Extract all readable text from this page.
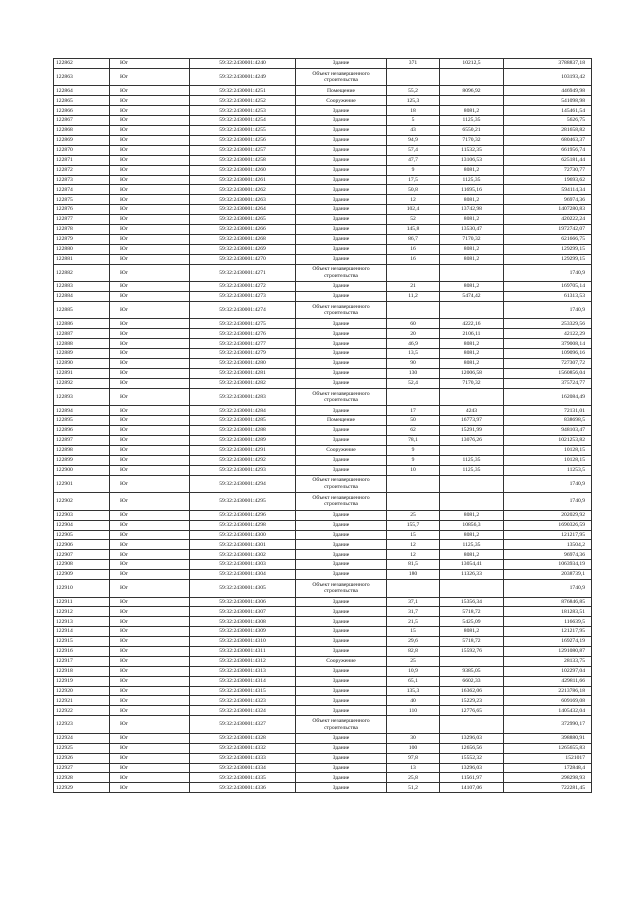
122862	Юг	59:32:2430001:4240	Здание	371	10212,5	3788837,18
122863	Юг	59:32:2430001:4249	Объект незавершенного строительства			103193,42
122864	Юг	59:32:2430001:4251	Помещение	55,2	8096,92	446949,98
122865	Юг	59:32:2430001:4252	Сооружение	125,3		541098,98
122866	Юг	59:32:2430001:4253	Здание	18	8081,2	145461,54
122867	Юг	59:32:2430001:4254	Здание	5	1125,35	5626,75
122868	Юг	59:32:2430001:4255	Здание	43	6550,21	281658,82
122869	Юг	59:32:2430001:4256	Здание	94,9	7170,32	680463,37
122870	Юг	59:32:2430001:4257	Здание	57,4	11532,35	661956,74
122871	Юг	59:32:2430001:4258	Здание	47,7	13106,53	625181,44
122872	Юг	59:32:2430001:4260	Здание	9	8081,2	72730,77
122873	Юг	59:32:2430001:4261	Здание	17,5	1125,35	19693,62
122874	Юг	59:32:2430001:4262	Здание	50,8	11695,16	594114,34
122875	Юг	59:32:2430001:4263	Здание	12	8081,2	96974,36
122876	Юг	59:32:2430001:4264	Здание	102,4	13742,98	1407280,83
122877	Юг	59:32:2430001:4265	Здание	52	8081,2	420222,24
122878	Юг	59:32:2430001:4266	Здание	145,8	13530,47	1972742,07
122879	Юг	59:32:2430001:4268	Здание	86,7	7170,32	621666,75
122880	Юг	59:32:2430001:4269	Здание	16	8081,2	129299,15
122881	Юг	59:32:2430001:4270	Здание	16	8081,2	129299,15
122882	Юг	59:32:2430001:4271	Объект незавершенного строительства			1740,9
122883	Юг	59:32:2430001:4272	Здание	21	8081,2	169705,14
122884	Юг	59:32:2430001:4273	Здание	11,2	5474,42	61313,53
122885	Юг	59:32:2430001:4274	Объект незавершенного строительства			1740,9
122886	Юг	59:32:2430001:4275	Здание	60	4222,16	253329,56
122887	Юг	59:32:2430001:4276	Здание	20	2106,11	42122,29
122888	Юг	59:32:2430001:4277	Здание	46,9	8081,2	379008,14
122889	Юг	59:32:2430001:4279	Здание	13,5	8081,2	109096,16
122890	Юг	59:32:2430001:4280	Здание	90	8081,2	727307,72
122891	Юг	59:32:2430001:4281	Здание	130	12006,58	1560856,04
122892	Юг	59:32:2430001:4282	Здание	52,4	7170,32	375724,77
122893	Юг	59:32:2430001:4283	Объект незавершенного строительства			162084,49
122894	Юг	59:32:2430001:4284	Здание	17	4243	72131,01
122895	Юг	59:32:2430001:4285	Помещение	50	16773,97	838698,5
122896	Юг	59:32:2430001:4288	Здание	62	15291,99	948103,47
122897	Юг	59:32:2430001:4289	Здание	78,1	13076,26	1021253,82
122898	Юг	59:32:2430001:4291	Сооружение	9		10128,15
122899	Юг	59:32:2430001:4292	Здание	9	1125,35	10128,15
122900	Юг	59:32:2430001:4293	Здание	10	1125,35	11253,5
122901	Юг	59:32:2430001:4294	Объект незавершенного строительства			1740,9
122902	Юг	59:32:2430001:4295	Объект незавершенного строительства			1740,9
122903	Юг	59:32:2430001:4296	Здание	25	8081,2	202029,92
122904	Юг	59:32:2430001:4298	Здание	155,7	10856,3	1690326,59
122905	Юг	59:32:2430001:4300	Здание	15	8081,2	121217,95
122906	Юг	59:32:2430001:4301	Здание	12	1125,35	13504,2
122907	Юг	59:32:2430001:4302	Здание	12	8081,2	96974,36
122908	Юг	59:32:2430001:4303	Здание	81,5	13054,41	1063934,19
122909	Юг	59:32:2430001:4304	Здание	180	11326,33	2038739,1
122910	Юг	59:32:2430001:4305	Объект незавершенного строительства			1740,9
122911	Юг	59:32:2430001:4306	Здание	37,1	15356,34	876846,85
122912	Юг	59:32:2430001:4307	Здание	31,7	5718,72	181283,51
122913	Юг	59:32:2430001:4308	Здание	21,5	5425,09	116639,5
122914	Юг	59:32:2430001:4309	Здание	15	8081,2	121217,95
122915	Юг	59:32:2430001:4310	Здание	29,6	5718,72	169274,19
122916	Юг	59:32:2430001:4311	Здание	82,8	15592,76	1291080,87
122917	Юг	59:32:2430001:4312	Сооружение	25		28133,75
122918	Юг	59:32:2430001:4313	Здание	10,9	9385,05	102297,04
122919	Юг	59:32:2430001:4314	Здание	65,1	6602,33	429811,66
122920	Юг	59:32:2430001:4315	Здание	135,3	16362,06	2213786,18
122921	Юг	59:32:2430001:4323	Здание	40	15229,23	609169,08
122922	Юг	59:32:2430001:4324	Здание	110	12776,65	1405432,04
122923	Юг	59:32:2430001:4327	Объект незавершенного строительства			372990,17
122924	Юг	59:32:2430001:4328	Здание	30	13296,03	398880,91
122925	Юг	59:32:2430001:4332	Здание	100	12656,56	1265655,83
122926	Юг	59:32:2430001:4333	Здание	97,8	15552,32	1521017
122927	Юг	59:32:2430001:4334	Здание	13	13296,03	172848,4
122928	Юг	59:32:2430001:4335	Здание	25,8	11561,97	298298,93
122929	Юг	59:32:2430001:4336	Здание	51,2	14107,06	722281,45
